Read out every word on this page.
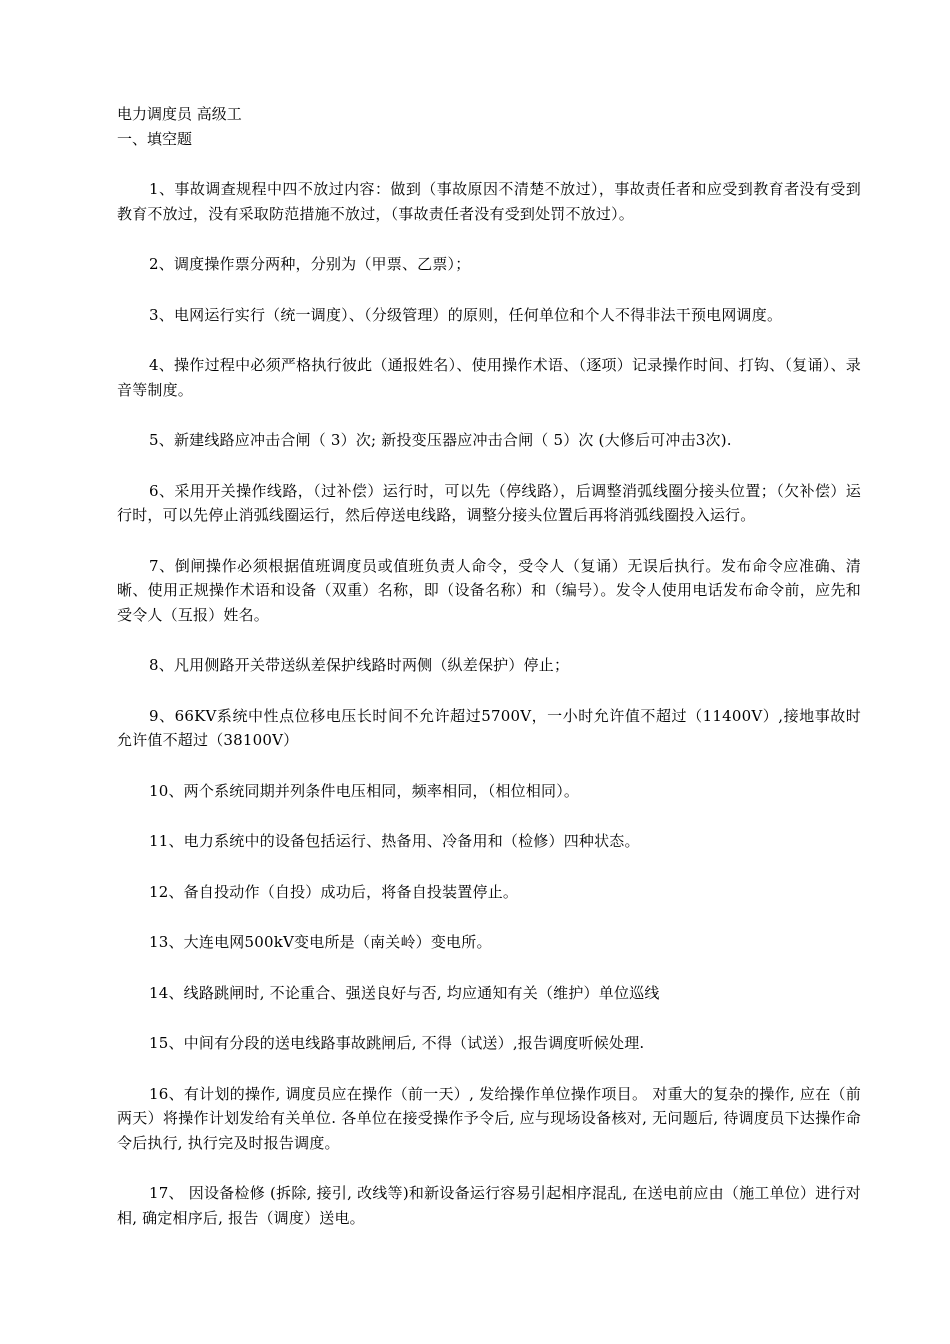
电力调度员 高级工

一、填空题

1、事故调查规程中四不放过内容：做到（事故原因不清楚不放过），事故责任者和应受到教育者没有受到教育不放过，没有采取防范措施不放过，（事故责任者没有受到处罚不放过）。

2、调度操作票分两种，分别为（甲票、乙票）；

3、电网运行实行（统一调度）、（分级管理）的原则，任何单位和个人不得非法干预电网调度。

4、操作过程中必须严格执行彼此（通报姓名）、使用操作术语、（逐项）记录操作时间、打钩、（复诵）、录音等制度。

5、新建线路应冲击合闸（ 3）次; 新投变压器应冲击合闸（ 5）次 (大修后可冲击3次).

6、采用开关操作线路，（过补偿）运行时，可以先（停线路），后调整消弧线圈分接头位置；（欠补偿）运行时，可以先停止消弧线圈运行，然后停送电线路，调整分接头位置后再将消弧线圈投入运行。

7、倒闸操作必须根据值班调度员或值班负责人命令，受令人（复诵）无误后执行。发布命令应准确、清晰、使用正规操作术语和设备（双重）名称，即（设备名称）和（编号）。发令人使用电话发布命令前，应先和受令人（互报）姓名。

8、凡用侧路开关带送纵差保护线路时两侧（纵差保护）停止；

9、66KV系统中性点位移电压长时间不允许超过5700V，一小时允许值不超过（11400V）,接地事故时允许值不超过（38100V）

10、两个系统同期并列条件电压相同，频率相同，（相位相同）。

11、电力系统中的设备包括运行、热备用、冷备用和（检修）四种状态。

12、备自投动作（自投）成功后，将备自投装置停止。

13、大连电网500kV变电所是（南关岭）变电所。

14、线路跳闸时, 不论重合、强送良好与否, 均应通知有关（维护）单位巡线

15、中间有分段的送电线路事故跳闸后, 不得（试送）,报告调度听候处理.

16、有计划的操作, 调度员应在操作（前一天）, 发给操作单位操作项目。 对重大的复杂的操作, 应在（前两天）将操作计划发给有关单位. 各单位在接受操作予令后, 应与现场设备核对, 无问题后, 待调度员下达操作命令后执行, 执行完及时报告调度。

17、 因设备检修 (拆除, 接引, 改线等)和新设备运行容易引起相序混乱, 在送电前应由（施工单位）进行对相, 确定相序后, 报告（调度）送电。
